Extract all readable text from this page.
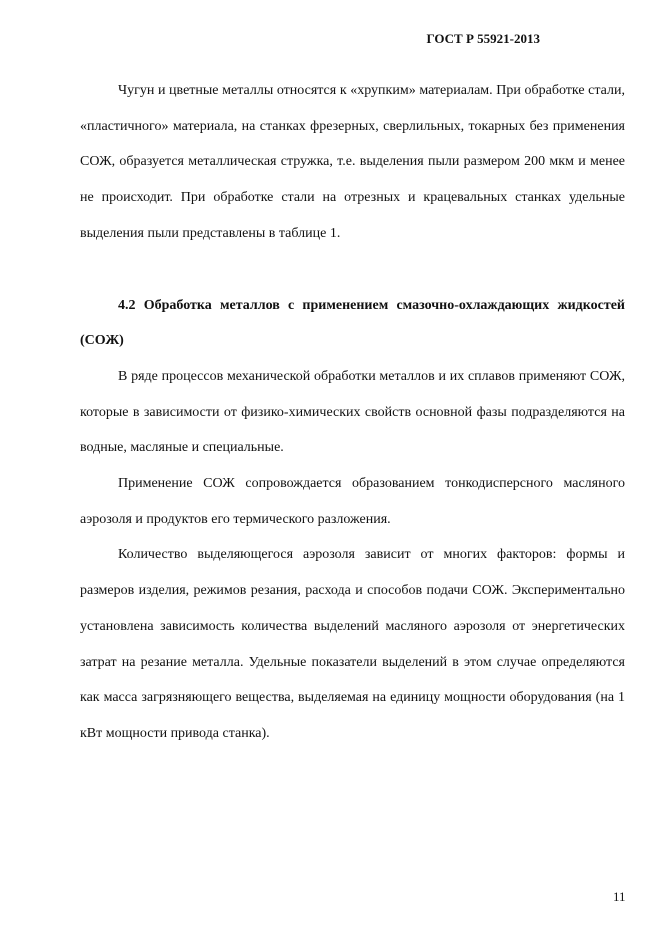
ГОСТ Р 55921-2013

Чугун и цветные металлы относятся к «хрупким» материалам. При обработке стали, «пластичного» материала, на станках фрезерных, сверлильных, токарных без применения СОЖ, образуется металлическая стружка, т.е. выделения пыли размером 200 мкм и менее не происходит. При обработке стали на отрезных и крацевальных станках удельные выделения пыли представлены в таблице 1.

4.2 Обработка металлов с применением смазочно-охлаждающих жидкостей (СОЖ)

В ряде процессов механической обработки металлов и их сплавов применяют СОЖ, которые в зависимости от физико-химических свойств основной фазы подразделяются на водные, масляные и специальные.

Применение СОЖ сопровождается образованием тонкодисперсного масляного аэрозоля и продуктов его термического разложения.

Количество выделяющегося аэрозоля зависит от многих факторов: формы и размеров изделия, режимов резания, расхода и способов подачи СОЖ. Экспериментально установлена зависимость количества выделений масляного аэрозоля от энергетических затрат на резание металла. Удельные показатели выделений в этом случае определяются как масса загрязняющего вещества, выделяемая на единицу мощности оборудования (на 1 кВт мощности привода станка).

11
